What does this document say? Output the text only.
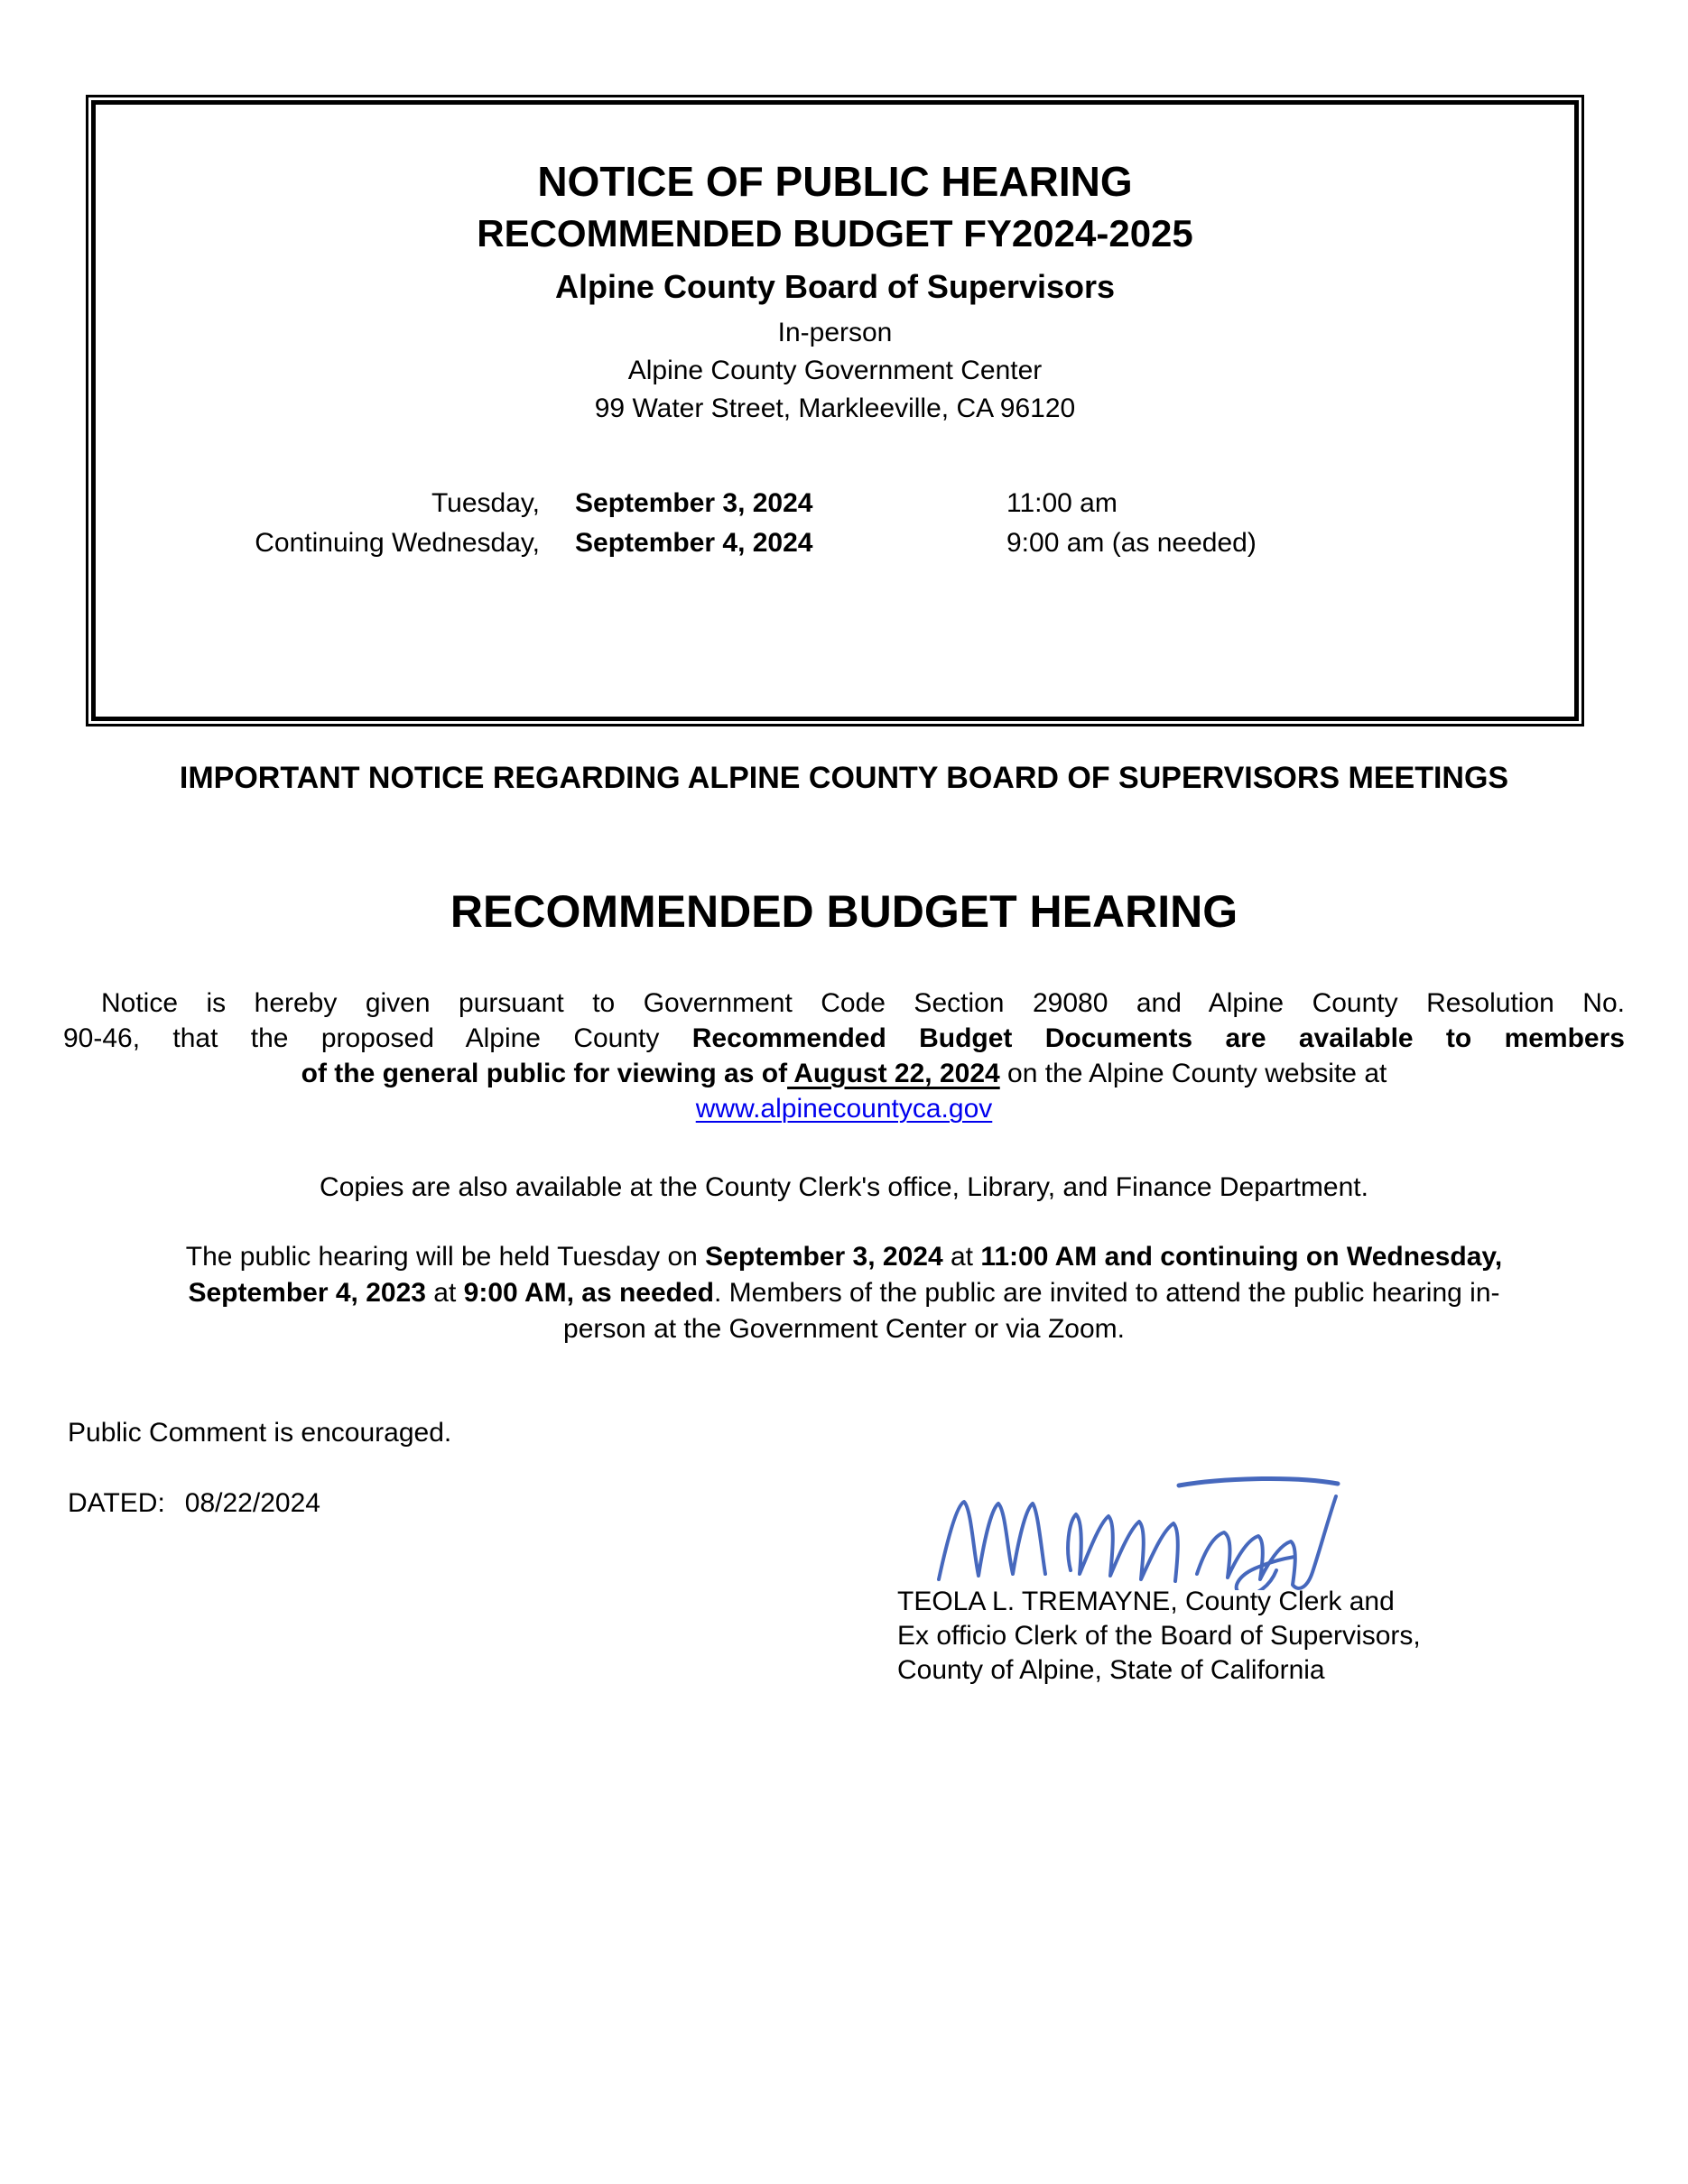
NOTICE OF PUBLIC HEARING
RECOMMENDED BUDGET FY2024-2025
Alpine County Board of Supervisors
In-person
Alpine County Government Center
99 Water Street, Markleeville, CA 96120
Tuesday,	September 3, 2024	11:00 am
Continuing Wednesday,	September 4, 2024	9:00 am (as needed)
IMPORTANT NOTICE REGARDING ALPINE COUNTY BOARD OF SUPERVISORS MEETINGS
RECOMMENDED BUDGET HEARING
Notice is hereby given pursuant to Government Code Section 29080 and Alpine County Resolution No.
90-46, that the proposed Alpine County Recommended Budget Documents are available to members
of the general public for viewing as of August 22, 2024 on the Alpine County website at
www.alpinecountyca.gov
Copies are also available at the County Clerk's office, Library, and Finance Department.
The public hearing will be held Tuesday on September 3, 2024 at 11:00 AM and continuing on Wednesday,
September 4, 2023 at 9:00 AM, as needed. Members of the public are invited to attend the public hearing in-
person at the Government Center or via Zoom.
Public Comment is encouraged.
DATED: 08/22/2024
TEOLA L. TREMAYNE, County Clerk and
Ex officio Clerk of the Board of Supervisors,
County of Alpine, State of California
